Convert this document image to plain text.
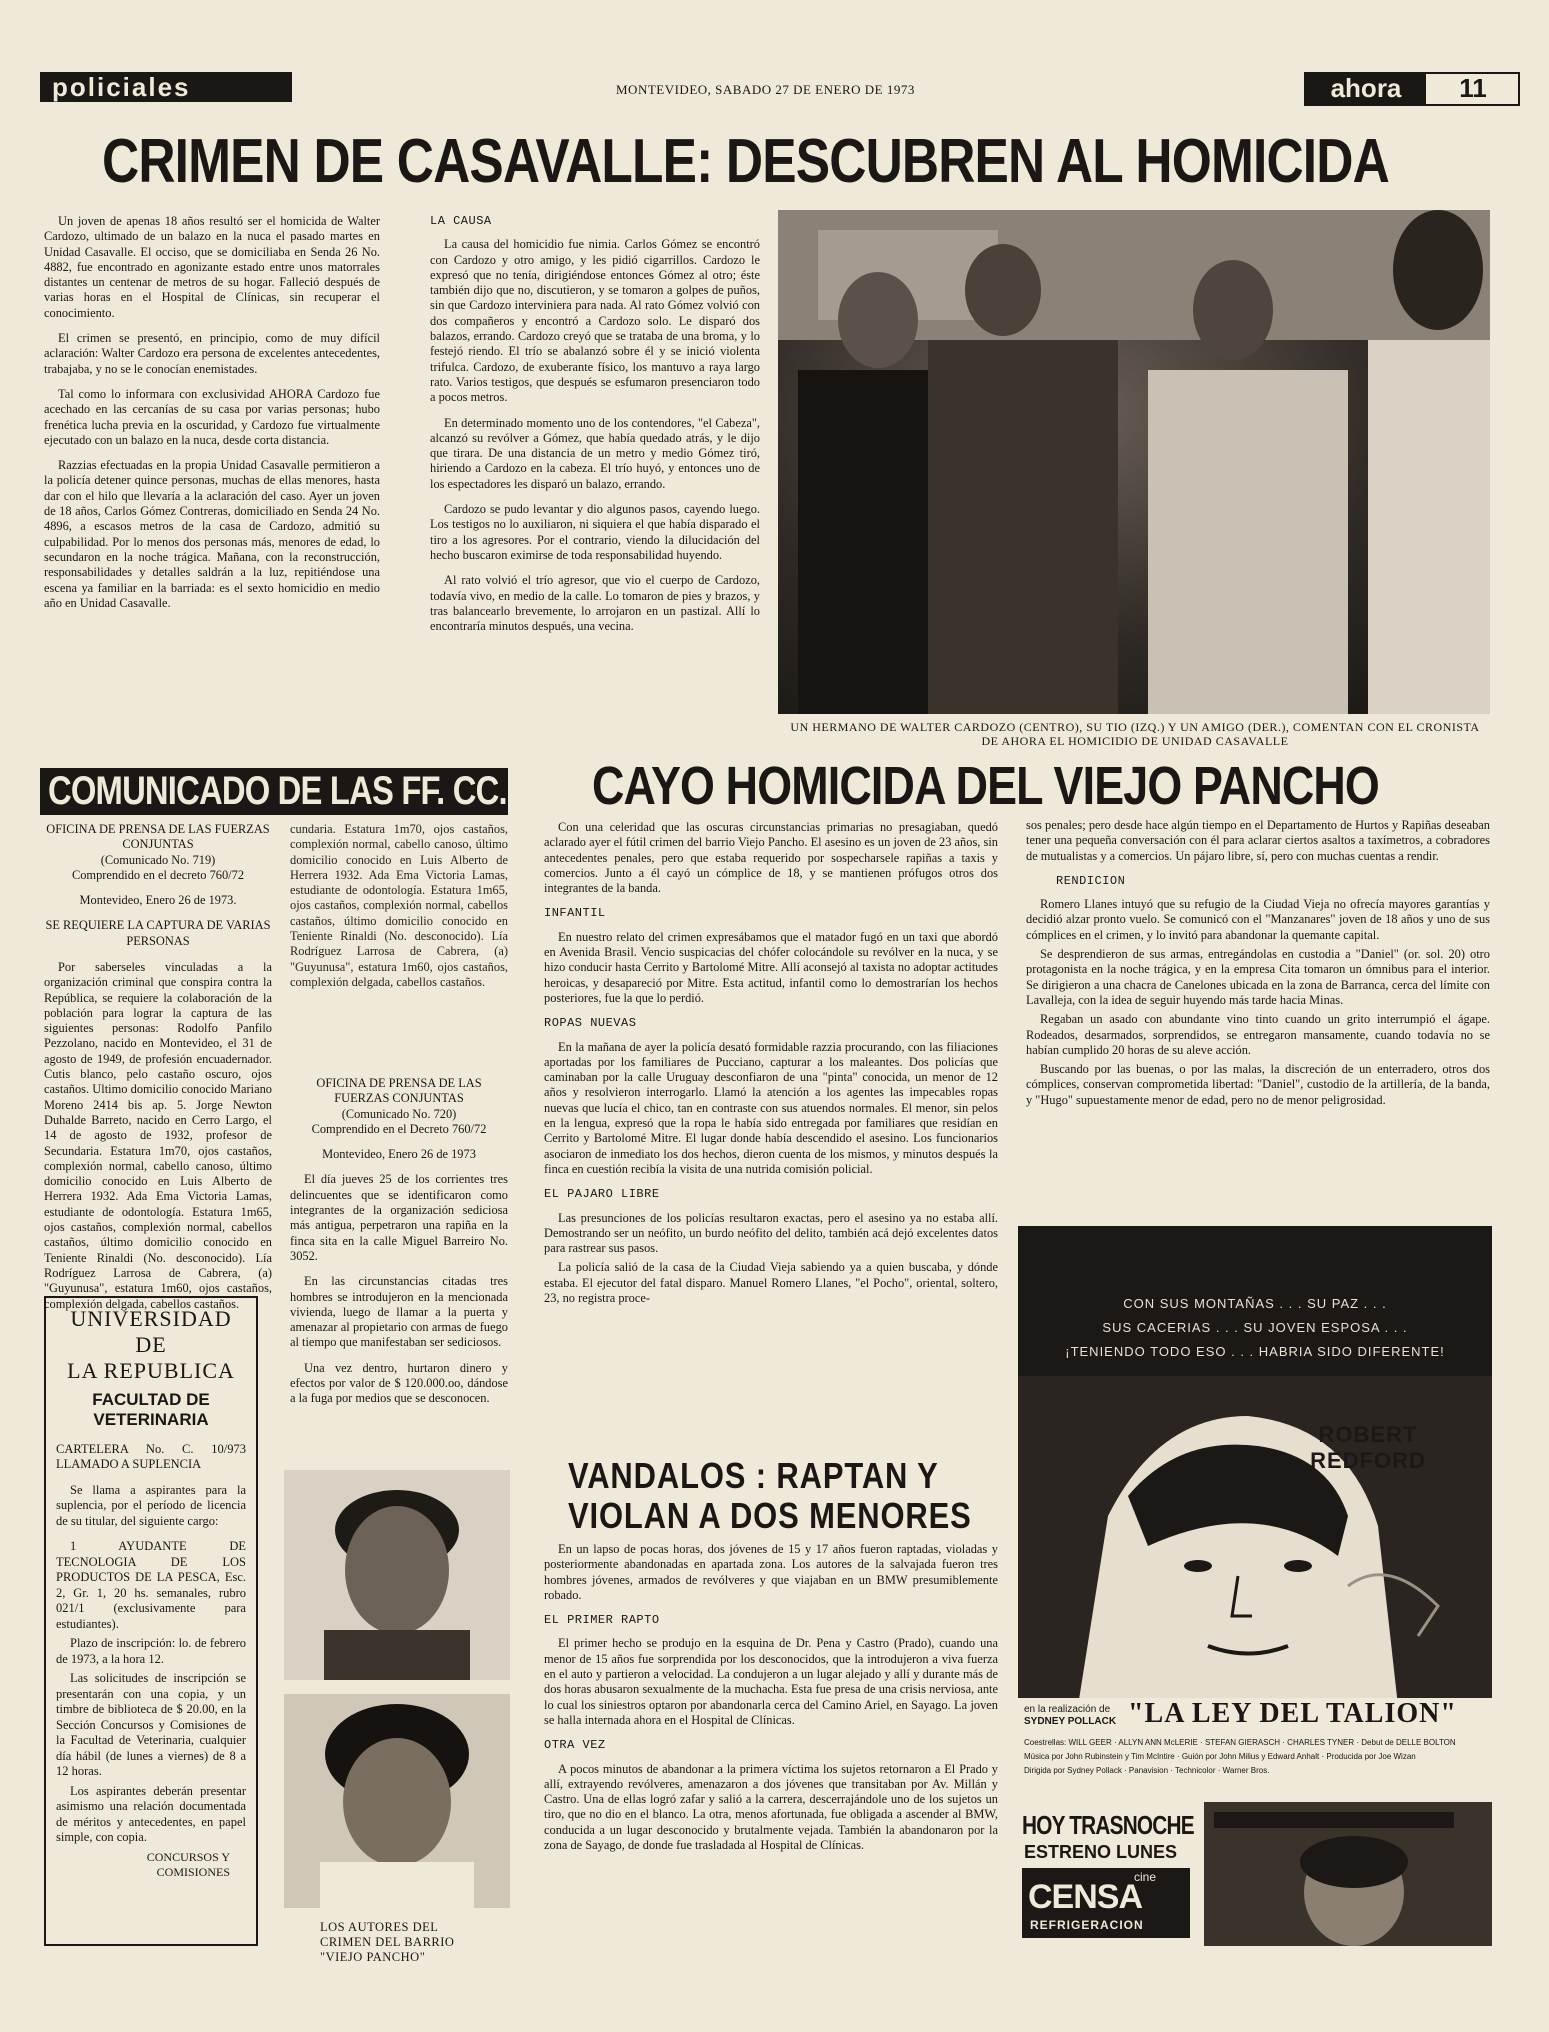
policiales	MONTEVIDEO, SABADO 27 DE ENERO DE 1973	ahora	11
CRIMEN DE CASAVALLE: DESCUBREN AL HOMICIDA

Un joven de apenas 18 años resultó ser el homicida de Walter Cardozo, ultimado de un balazo en la nuca el pasado martes en Unidad Casavalle. El occiso, que se domiciliaba en Senda 26 No. 4882, fue encontrado en agonizante estado entre unos matorrales distantes un centenar de metros de su hogar. Falleció después de varias horas en el Hospital de Clínicas, sin recuperar el conocimiento.

El crimen se presentó, en principio, como de muy difícil aclaración: Walter Cardozo era persona de excelentes antecedentes, trabajaba, y no se le conocían enemistades.

Tal como lo informara con exclusividad AHORA Cardozo fue acechado en las cercanías de su casa por varias personas; hubo frenética lucha previa en la oscuridad, y Cardozo fue virtualmente ejecutado con un balazo en la nuca, desde corta distancia.

Razzias efectuadas en la propia Unidad Casavalle permitieron a la policía detener quince personas, muchas de ellas menores, hasta dar con el hilo que llevaría a la aclaración del caso. Ayer un joven de 18 años, Carlos Gómez Contreras, domiciliado en Senda 24 No. 4896, a escasos metros de la casa de Cardozo, admitió su culpabilidad. Por lo menos dos personas más, menores de edad, lo secundaron en la noche trágica. Mañana, con la reconstrucción, responsabilidades y detalles saldrán a la luz, repitiéndose una escena ya familiar en la barriada: es el sexto homicidio en medio año en Unidad Casavalle.

LA CAUSA

La causa del homicidio fue nimia. Carlos Gómez se encontró con Cardozo y otro amigo, y les pidió cigarrillos. Cardozo le expresó que no tenía, dirigiéndose entonces Gómez al otro; éste también dijo que no, discutieron, y se tomaron a golpes de puños, sin que Cardozo interviniera para nada. Al rato Gómez volvió con dos compañeros y encontró a Cardozo solo. Le disparó dos balazos, errando. Cardozo creyó que se trataba de una broma, y lo festejó riendo. El trío se abalanzó sobre él y se inició violenta trifulca. Cardozo, de exuberante físico, los mantuvo a raya largo rato. Varios testigos, que después se esfumaron presenciaron todo a pocos metros.

En determinado momento uno de los contendores, "el Cabeza", alcanzó su revólver a Gómez, que había quedado atrás, y le dijo que tirara. De una distancia de un metro y medio Gómez tiró, hiriendo a Cardozo en la cabeza. El trío huyó, y entonces uno de los espectadores les disparó un balazo, errando.

Cardozo se pudo levantar y dio algunos pasos, cayendo luego. Los testigos no lo auxiliaron, ni siquiera el que había disparado el tiro a los agresores. Por el contrario, viendo la dilucidación del hecho buscaron eximirse de toda responsabilidad huyendo.

Al rato volvió el trío agresor, que vio el cuerpo de Cardozo, todavía vivo, en medio de la calle. Lo tomaron de pies y brazos, y tras balancearlo brevemente, lo arrojaron en un pastizal. Allí lo encontraría minutos después, una vecina.

UN HERMANO DE WALTER CARDOZO (CENTRO), SU TIO (IZQ.) Y UN AMIGO (DER.), COMENTAN CON EL CRONISTA DE AHORA EL HOMICIDIO DE UNIDAD CASAVALLE
COMUNICADO DE LAS FF. CC.
OFICINA DE PRENSA DE LAS FUERZAS CONJUNTAS
(Comunicado No. 719)
Comprendido en el decreto 760/72
Montevideo, Enero 26 de 1973.
SE REQUIERE LA CAPTURA DE VARIAS PERSONAS

Por saberseles vinculadas a la organización criminal que conspira contra la República, se requiere la colaboración de la población para lograr la captura de las siguientes personas: Rodolfo Panfilo Pezzolano, nacido en Montevideo, el 31 de agosto de 1949, de profesión encuadernador. Cutis blanco, pelo castaño oscuro, ojos castaños. Ultimo domicilio conocido Mariano Moreno 2414 bis ap. 5. Jorge Newton Duhalde Barreto, nacido en Cerro Largo, el 14 de agosto de 1932, profesor de Secundaria. Estatura 1m70, ojos castaños, complexión normal, cabello canoso, último domicilio conocido en Luis Alberto de Herrera 1932. Ada Ema Victoria Lamas, estudiante de odontología. Estatura 1m65, ojos castaños, complexión normal, cabellos castaños, último domicilio conocido en Teniente Rinaldi (No. desconocido). Lía Rodríguez Larrosa de Cabrera, (a) "Guyunusa", estatura 1m60, ojos castaños, complexión delgada, cabellos castaños.

cundaria. Estatura 1m70, ojos castaños, complexión normal, cabello canoso, último domicilio conocido en Luis Alberto de Herrera 1932. Ada Ema Victoria Lamas, estudiante de odontología. Estatura 1m65, ojos castaños, complexión normal, cabellos castaños, último domicilio conocido en Teniente Rinaldi (No. desconocido). Lía Rodríguez Larrosa de Cabrera, (a) "Guyunusa", estatura 1m60, ojos castaños, complexión delgada, cabellos castaños.
OFICINA DE PRENSA DE LAS FUERZAS CONJUNTAS
(Comunicado No. 720)
Comprendido en el Decreto 760/72
Montevideo, Enero 26 de 1973

El día jueves 25 de los corrientes tres delincuentes que se identificaron como integrantes de la organización sediciosa más antigua, perpetraron una rapiña en la finca sita en la calle Miguel Barreiro No. 3052.

En las circunstancias citadas tres hombres se introdujeron en la mencionada vivienda, luego de llamar a la puerta y amenazar al propietario con armas de fuego al tiempo que manifestaban ser sediciosos.

Una vez dentro, hurtaron dinero y efectos por valor de $ 120.000.oo, dándose a la fuga por medios que se desconocen.

UNIVERSIDAD DE
LA REPUBLICA
FACULTAD DE
VETERINARIA
CARTELERA No. C. 10/973 LLAMADO A SUPLENCIA

Se llama a aspirantes para la suplencia, por el período de licencia de su titular, del siguiente cargo:

1 AYUDANTE DE TECNOLOGIA DE LOS PRODUCTOS DE LA PESCA, Esc. 2, Gr. 1, 20 hs. semanales, rubro 021/1 (exclusivamente para estudiantes).

Plazo de inscripción: lo. de febrero de 1973, a la hora 12.

Las solicitudes de inscripción se presentarán con una copia, y un timbre de biblioteca de $ 20.00, en la Sección Concursos y Comisiones de la Facultad de Veterinaria, cualquier día hábil (de lunes a viernes) de 8 a 12 horas.

Los aspirantes deberán presentar asimismo una relación documentada de méritos y antecedentes, en papel simple, con copia.

CONCURSOS Y
COMISIONES
LOS AUTORES DEL CRIMEN DEL BARRIO "VIEJO PANCHO"
CAYO HOMICIDA DEL VIEJO PANCHO

Con una celeridad que las oscuras circunstancias primarias no presagiaban, quedó aclarado ayer el fútil crimen del barrio Viejo Pancho. El asesino es un joven de 23 años, sin antecedentes penales, pero que estaba requerido por sospecharsele rapiñas a taxis y comercios. Junto a él cayó un cómplice de 18, y se mantienen prófugos otros dos integrantes de la banda.

INFANTIL

En nuestro relato del crimen expresábamos que el matador fugó en un taxi que abordó en Avenida Brasil. Vencio suspicacias del chófer colocándole su revólver en la nuca, y se hizo conducir hasta Cerrito y Bartolomé Mitre. Allí aconsejó al taxista no adoptar actitudes heroicas, y desapareció por Mitre. Esta actitud, infantil como lo demostrarían los hechos posteriores, fue la que lo perdió.

ROPAS NUEVAS

En la mañana de ayer la policía desató formidable razzia procurando, con las filiaciones aportadas por los familiares de Pucciano, capturar a los maleantes. Dos policías que caminaban por la calle Uruguay desconfiaron de una "pinta" conocida, un menor de 12 años y resolvieron interrogarlo. Llamó la atención a los agentes las impecables ropas nuevas que lucía el chico, tan en contraste con sus atuendos normales. El menor, sin pelos en la lengua, expresó que la ropa le había sido entregada por familiares que residían en Cerrito y Bartolomé Mitre. El lugar donde había descendido el asesino. Los funcionarios asociaron de inmediato los dos hechos, dieron cuenta de los mismos, y minutos después la finca en cuestión recibía la visita de una nutrida comisión policial.

EL PAJARO LIBRE

Las presunciones de los policías resultaron exactas, pero el asesino ya no estaba allí. Demostrando ser un neófito, un burdo neófito del delito, también acá dejó excelentes datos para rastrear sus pasos.

La policía salió de la casa de la Ciudad Vieja sabiendo ya a quien buscaba, y dónde estaba. El ejecutor del fatal disparo. Manuel Romero Llanes, "el Pocho", oriental, soltero, 23, no registra proce-

sos penales; pero desde hace algún tiempo en el Departamento de Hurtos y Rapiñas deseaban tener una pequeña conversación con él para aclarar ciertos asaltos a taxímetros, a cobradores de mutualistas y a comercios. Un pájaro libre, sí, pero con muchas cuentas a rendir.

RENDICION

Romero Llanes intuyó que su refugio de la Ciudad Vieja no ofrecía mayores garantías y decidió alzar pronto vuelo. Se comunicó con el "Manzanares" joven de 18 años y uno de sus cómplices en el crimen, y lo invitó para abandonar la quemante capital.

Se desprendieron de sus armas, entregándolas en custodia a "Daniel" (or. sol. 20) otro protagonista en la noche trágica, y en la empresa Cita tomaron un ómnibus para el interior. Se dirigieron a una chacra de Canelones ubicada en la zona de Barranca, cerca del límite con Lavalleja, con la idea de seguir huyendo más tarde hacia Minas.

Regaban un asado con abundante vino tinto cuando un grito interrumpió el ágape. Rodeados, desarmados, sorprendidos, se entregaron mansamente, cuando todavía no se habían cumplido 20 horas de su aleve acción.

Buscando por las buenas, o por las malas, la discreción de un enterradero, otros dos cómplices, conservan comprometida libertad: "Daniel", custodio de la artillería, de la banda, y "Hugo" supuestamente menor de edad, pero no de menor peligrosidad.

VANDALOS : RAPTAN Y
VIOLAN A DOS MENORES

En un lapso de pocas horas, dos jóvenes de 15 y 17 años fueron raptadas, violadas y posteriormente abandonadas en apartada zona. Los autores de la salvajada fueron tres hombres jóvenes, armados de revólveres y que viajaban en un BMW presumiblemente robado.

EL PRIMER RAPTO

El primer hecho se produjo en la esquina de Dr. Pena y Castro (Prado), cuando una menor de 15 años fue sorprendida por los desconocidos, que la introdujeron a viva fuerza en el auto y partieron a velocidad. La condujeron a un lugar alejado y allí y durante más de dos horas abusaron sexualmente de la muchacha. Esta fue presa de una crisis nerviosa, ante lo cual los siniestros optaron por abandonarla cerca del Camino Ariel, en Sayago. La joven se halla internada ahora en el Hospital de Clínicas.

OTRA VEZ

A pocos minutos de abandonar a la primera víctima los sujetos retornaron a El Prado y allí, extrayendo revólveres, amenazaron a dos jóvenes que transitaban por Av. Millán y Castro. Una de ellas logró zafar y salió a la carrera, descerrajándole uno de los sujetos un tiro, que no dio en el blanco. La otra, menos afortunada, fue obligada a ascender al BMW, conducida a un lugar desconocido y brutalmente vejada. También la abandonaron por la zona de Sayago, de donde fue trasladada al Hospital de Clínicas.

CON SUS MONTAÑAS . . . SU PAZ . . .
SUS CACERIAS . . . SU JOVEN ESPOSA . . .
¡TENIENDO TODO ESO . . . HABRIA SIDO DIFERENTE!
ROBERT
REDFORD
en la realización de
SYDNEY POLLACK "LA LEY DEL TALION"
Coestrellas: WILL GEER · ALLYN ANN McLERIE · STEFAN GIERASCH · CHARLES TYNER · Debut de DELLE BOLTON
Música por John Rubinstein y Tim McIntire · Guión por John Milius y Edward Anhalt · Producida por Joe Wizan
Dirigida por Sydney Pollack · Panavision · Technicolor · Warner Bros.
HOY TRASNOCHE
ESTRENO LUNES
cine
CENSA
REFRIGERACION
